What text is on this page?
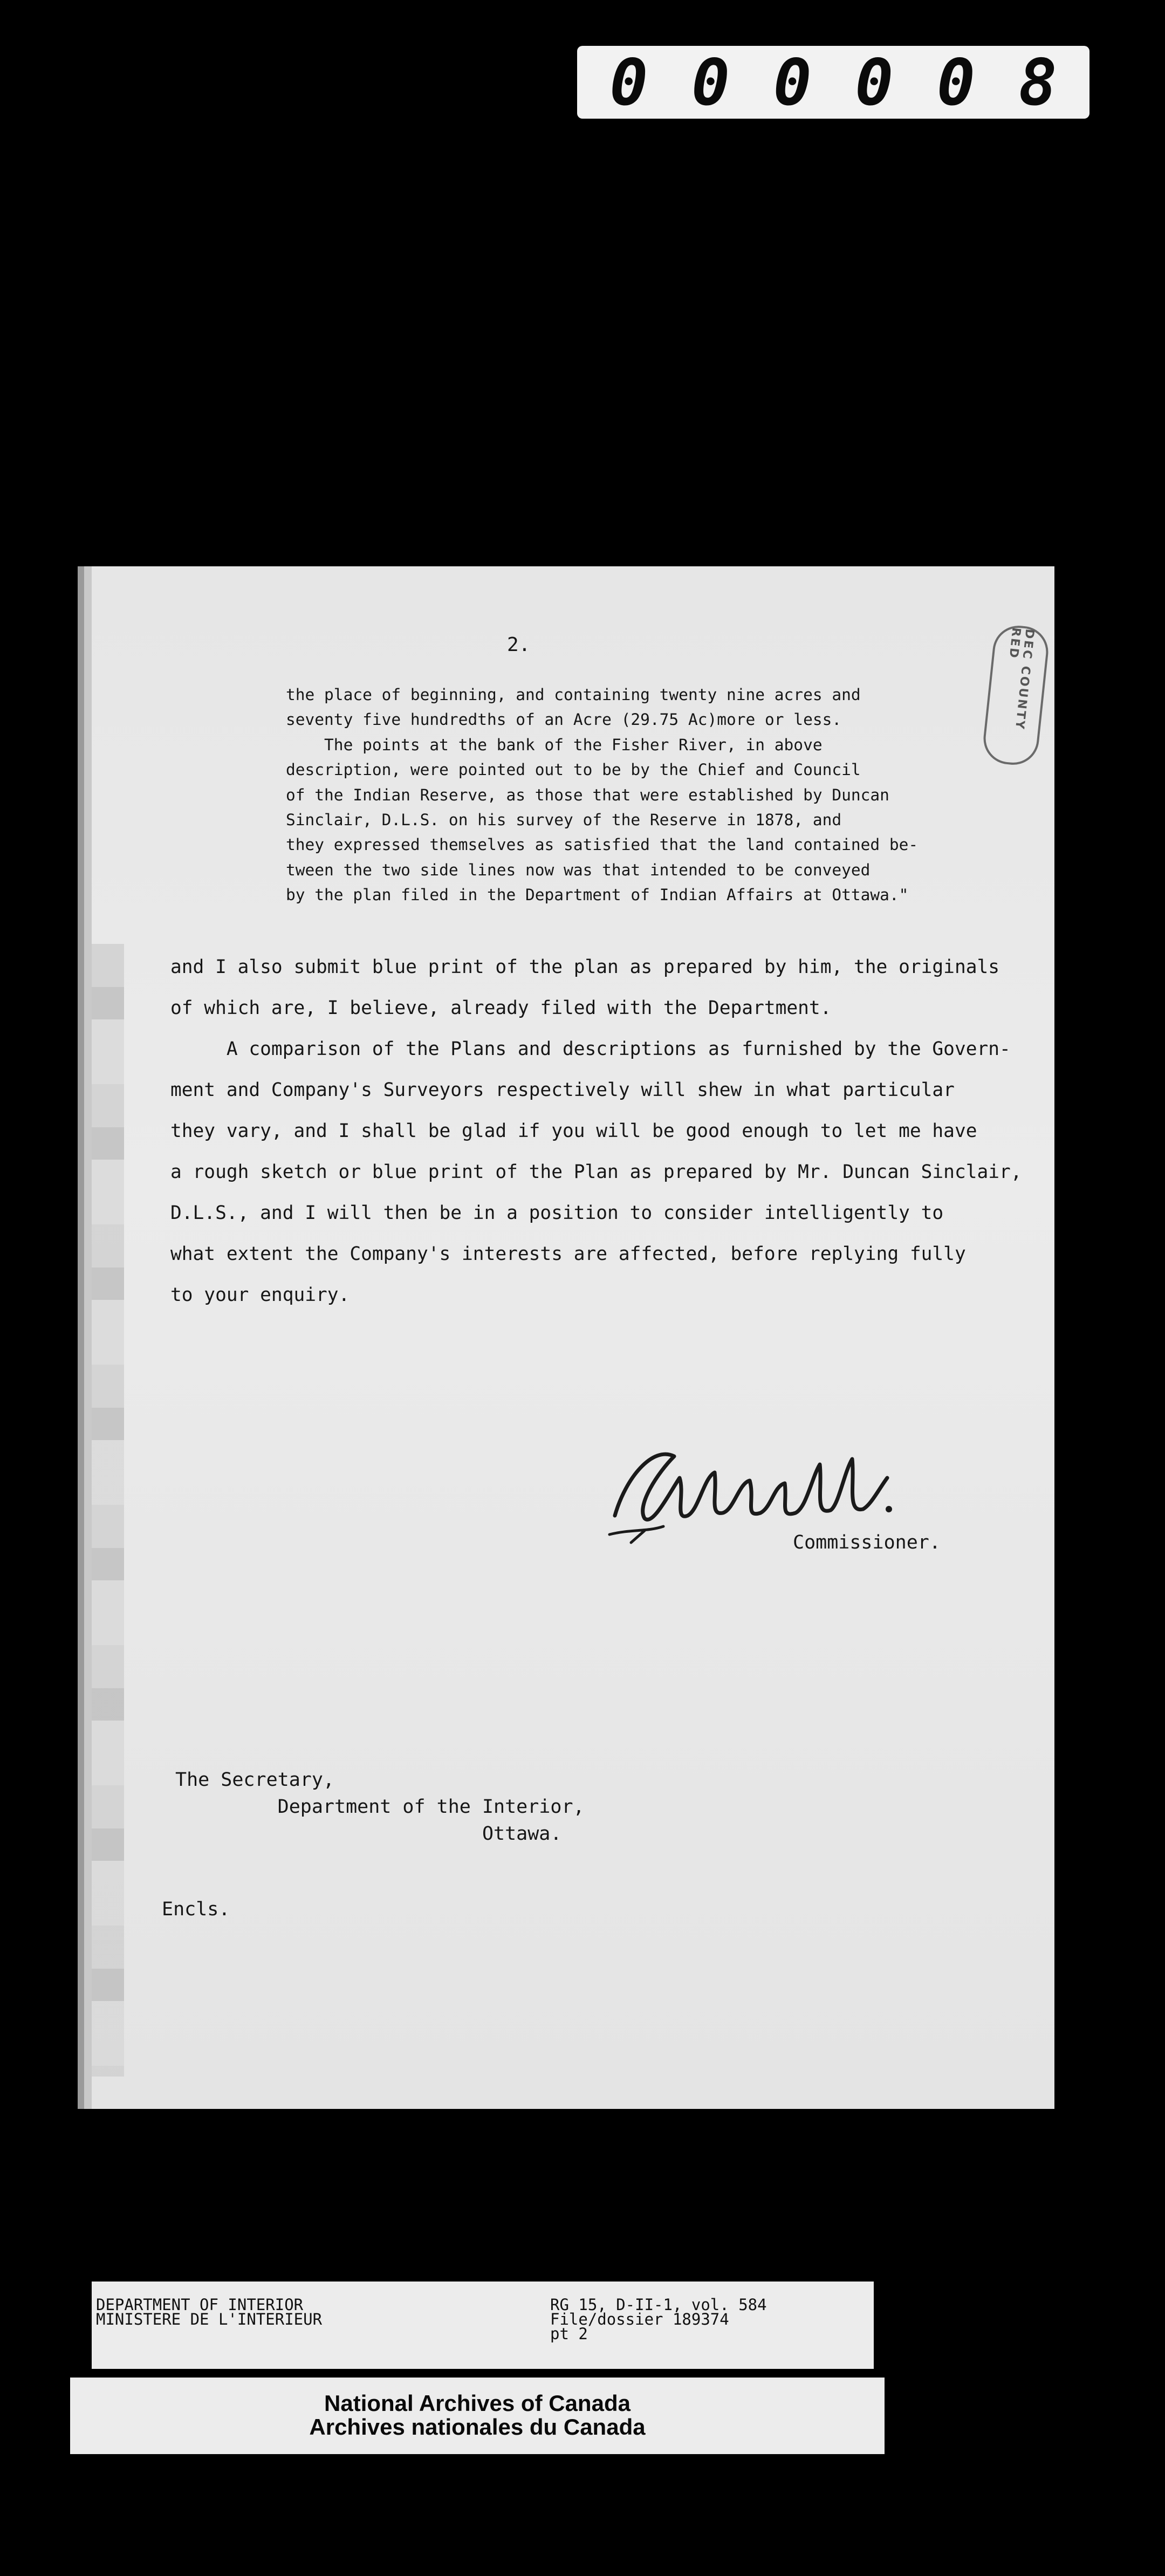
0 0 0 0 0 8
DEC COUNTY RED
2.
the place of beginning, and containing twenty nine acres and
seventy five hundredths of an Acre (29.75 Ac)more or less.
The points at the bank of the Fisher River, in above
description, were pointed out to be by the Chief and Council
of the Indian Reserve, as those that were established by Duncan
Sinclair, D.L.S. on his survey of the Reserve in 1878, and
they expressed themselves as satisfied that the land contained be-
tween the two side lines now was that intended to be conveyed
by the plan filed in the Department of Indian Affairs at Ottawa."
and I also submit blue print of the plan as prepared by him, the originals
of which are, I believe, already filed with the Department.
A comparison of the Plans and descriptions as furnished by the Govern-
ment and Company's Surveyors respectively will shew in what particular
they vary, and I shall be glad if you will be good enough to let me have
a rough sketch or blue print of the Plan as prepared by Mr. Duncan Sinclair,
D.L.S., and I will then be in a position to consider intelligently to
what extent the Company's interests are affected, before replying fully
to your enquiry.
Commissioner.
The Secretary,
Department of the Interior,
Ottawa.
Encls.
DEPARTMENT OF INTERIOR
MINISTERE DE L'INTERIEUR
RG 15, D-II-1, vol. 584
File/dossier 189374
pt 2
National Archives of Canada
Archives nationales du Canada
